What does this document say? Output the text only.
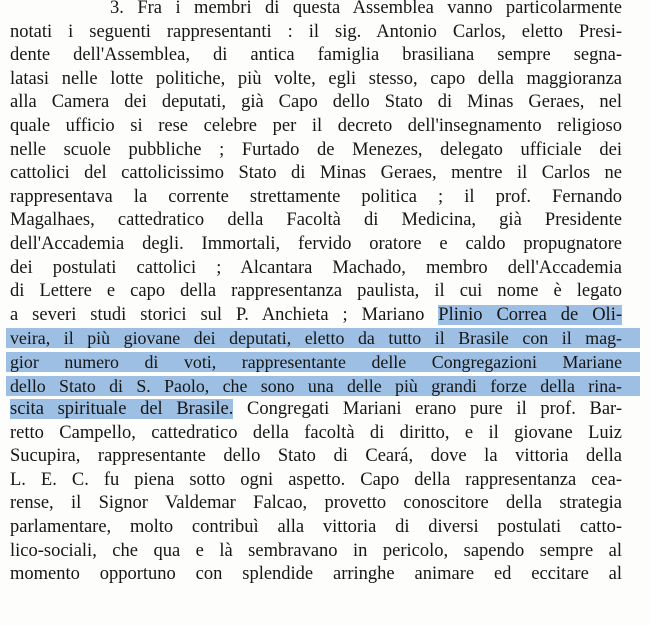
3. Fra i membri di questa Assemblea vanno particolarmente
notati i seguenti rappresentanti : il sig. Antonio Carlos, eletto Presi-
dente dell'Assemblea, di antica famiglia brasiliana sempre segna-
latasi nelle lotte politiche, più volte, egli stesso, capo della maggioranza
alla Camera dei deputati, già Capo dello Stato di Minas Geraes, nel
quale ufficio si rese celebre per il decreto dell'insegnamento religioso
nelle scuole pubbliche ; Furtado de Menezes, delegato ufficiale dei
cattolici del cattolicissimo Stato di Minas Geraes, mentre il Carlos ne
rappresentava la corrente strettamente politica ; il prof. Fernando
Magalhaes, cattedratico della Facoltà di Medicina, già Presidente
dell'Accademia degli. Immortali, fervido oratore e caldo propugnatore
dei postulati cattolici ; Alcantara Machado, membro dell'Accademia
di Lettere e capo della rappresentanza paulista, il cui nome è legato
a severi studi storici sul P. Anchieta ; Mariano Plinio Correa de Oli-
veira, il più giovane dei deputati, eletto da tutto il Brasile con il mag-
gior numero di voti, rappresentante delle Congregazioni Mariane
dello Stato di S. Paolo, che sono una delle più grandi forze della rina-
scita spirituale del Brasile. Congregati Mariani erano pure il prof. Bar-
retto Campello, cattedratico della facoltà di diritto, e il giovane Luiz
Sucupira, rappresentante dello Stato di Ceará, dove la vittoria della
L. E. C. fu piena sotto ogni aspetto. Capo della rappresentanza cea-
rense, il Signor Valdemar Falcao, provetto conoscitore della strategia
parlamentare, molto contribuì alla vittoria di diversi postulati catto-
lico-sociali, che qua e là sembravano in pericolo, sapendo sempre al
momento opportuno con splendide arringhe animare ed eccitare al
